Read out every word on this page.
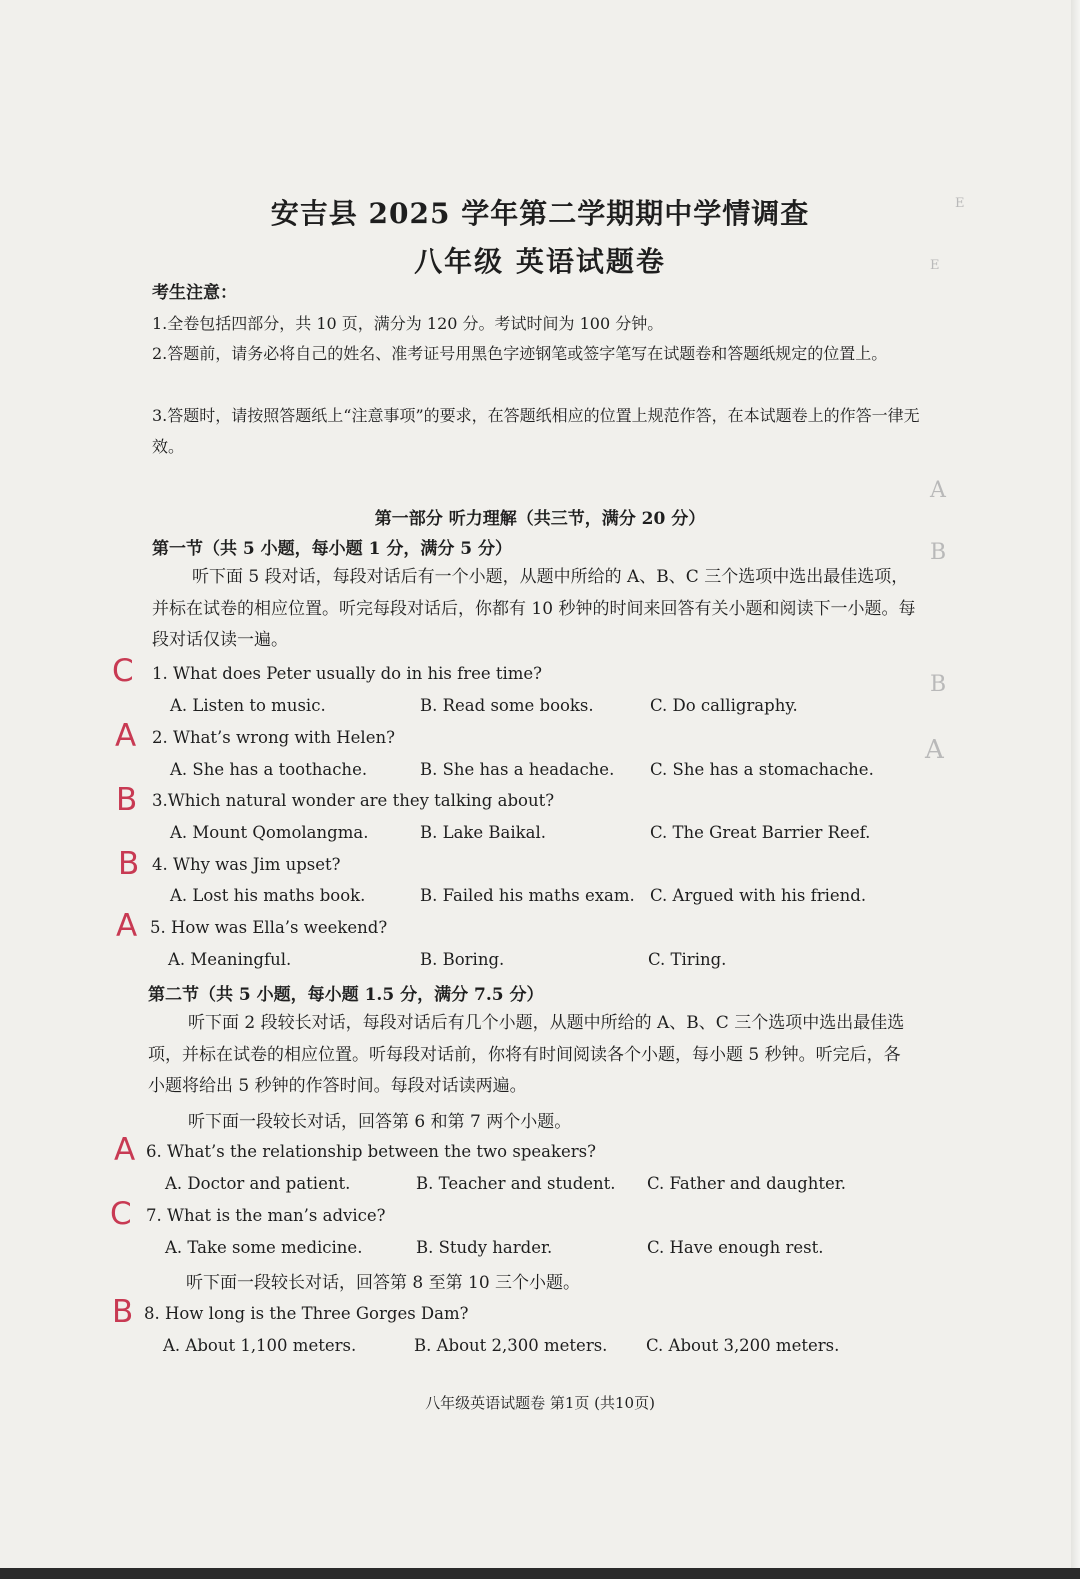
E
E
A
B
B
A
安吉县 2025 学年第二学期期中学情调查
八年级 英语试题卷
考生注意：
1.全卷包括四部分，共 10 页，满分为 120 分。考试时间为 100 分钟。
2.答题前，请务必将自己的姓名、准考证号用黑色字迹钢笔或签字笔写在试题卷和答题纸规定的位置上。
3.答题时，请按照答题纸上“注意事项”的要求，在答题纸相应的位置上规范作答，在本试题卷上的作答一律无效。
第一部分 听力理解（共三节，满分 20 分）
第一节（共 5 小题，每小题 1 分，满分 5 分）
听下面 5 段对话，每段对话后有一个小题，从题中所给的 A、B、C 三个选项中选出最佳选项，并标在试卷的相应位置。听完每段对话后，你都有 10 秒钟的时间来回答有关小题和阅读下一小题。每段对话仅读一遍。
C 1. What does Peter usually do in his free time?
A. Listen to music.	B. Read some books.	C. Do calligraphy.
A 2. What’s wrong with Helen?
A. She has a toothache.	B. She has a headache. C. She has a stomachache.
B 3.Which natural wonder are they talking about?
A. Mount Qomolangma.	B. Lake Baikal.	C. The Great Barrier Reef.
B 4. Why was Jim upset?
A. Lost his maths book.	B. Failed his maths exam. C. Argued with his friend.
A 5. How was Ella’s weekend?
A. Meaningful.	B. Boring.	C. Tiring.
第二节（共 5 小题，每小题 1.5 分，满分 7.5 分）
听下面 2 段较长对话，每段对话后有几个小题，从题中所给的 A、B、C 三个选项中选出最佳选项，并标在试卷的相应位置。听每段对话前，你将有时间阅读各个小题，每小题 5 秒钟。听完后，各小题将给出 5 秒钟的作答时间。每段对话读两遍。
听下面一段较长对话，回答第 6 和第 7 两个小题。
A 6. What’s the relationship between the two speakers?
A. Doctor and patient.	B. Teacher and student. C. Father and daughter.
C 7. What is the man’s advice?
A. Take some medicine.	B. Study harder.	C. Have enough rest.
听下面一段较长对话，回答第 8 至第 10 三个小题。
B 8. How long is the Three Gorges Dam?
A. About 1,100 meters.	B. About 2,300 meters. C. About 3,200 meters.
八年级英语试题卷 第1页 (共10页)
